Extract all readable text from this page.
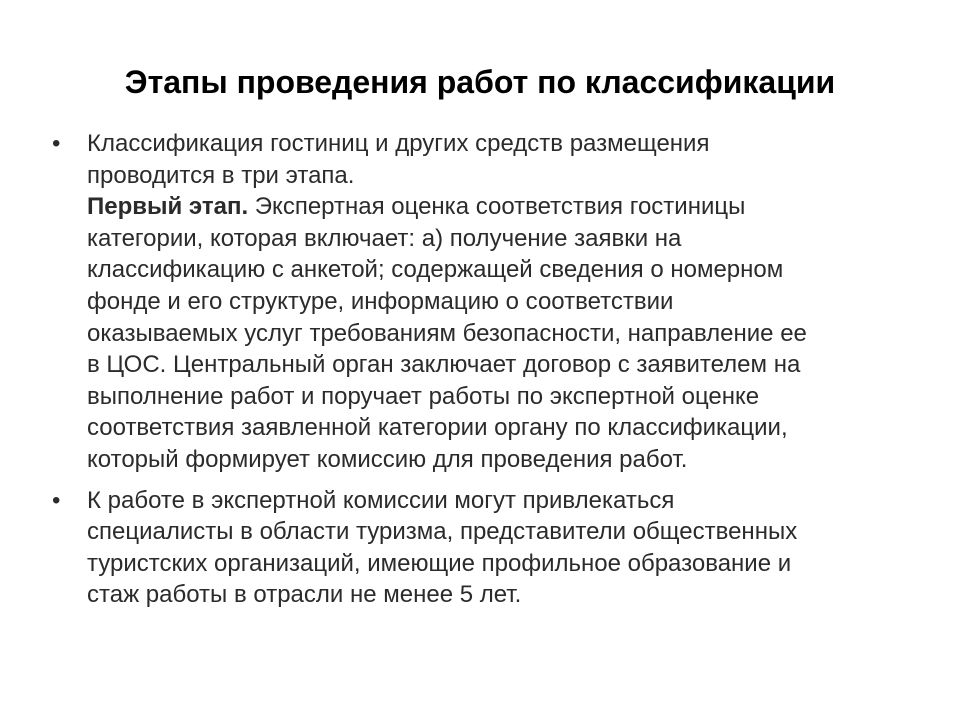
Этапы проведения работ по классификации
• Классификация гостиниц и других средств размещения
проводится в три этапа.
Первый этап. Экспертная оценка соответствия гостиницы
категории, которая включает: а) получение заявки на
классификацию с анкетой; содержащей сведения о номерном
фонде и его структуре, информацию о соответствии
оказываемых услуг требованиям безопасности, направление ее
в ЦОС. Центральный орган заключает договор с заявителем на
выполнение работ и поручает работы по экспертной оценке
соответствия заявленной категории органу по классификации,
который формирует комиссию для проведения работ.
• К работе в экспертной комиссии могут привлекаться
специалисты в области туризма, представители общественных
туристских организаций, имеющие профильное образование и
стаж работы в отрасли не менее 5 лет.
